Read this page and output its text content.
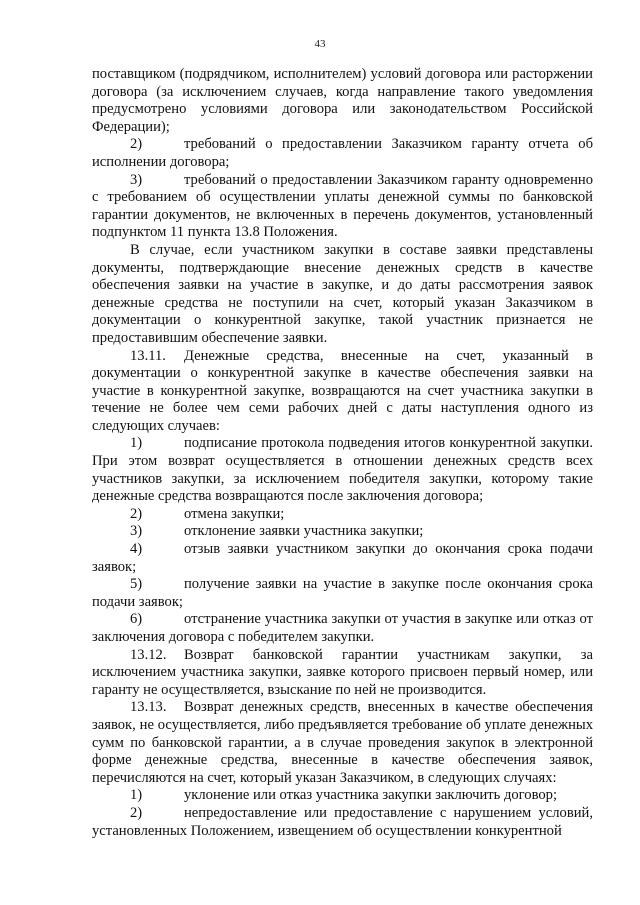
43

поставщиком (подрядчиком, исполнителем) условий договора или расторжении договора (за исключением случаев, когда направление такого уведомления предусмотрено условиями договора или законодательством Российской Федерации);

2)	требований о предоставлении Заказчиком гаранту отчета об исполнении договора;

3)	требований о предоставлении Заказчиком гаранту одновременно с требованием об осуществлении уплаты денежной суммы по банковской гарантии документов, не включенных в перечень документов, установленный подпунктом 11 пункта 13.8 Положения.

В случае, если участником закупки в составе заявки представлены документы, подтверждающие внесение денежных средств в качестве обеспечения заявки на участие в закупке, и до даты рассмотрения заявок денежные средства не поступили на счет, который указан Заказчиком в документации о конкурентной закупке, такой участник признается не предоставившим обеспечение заявки.

13.11. Денежные средства, внесенные на счет, указанный в документации о конкурентной закупке в качестве обеспечения заявки на участие в конкурентной закупке, возвращаются на счет участника закупки в течение не более чем семи рабочих дней с даты наступления одного из следующих случаев:

1)	подписание протокола подведения итогов конкурентной закупки. При этом возврат осуществляется в отношении денежных средств всех участников закупки, за исключением победителя закупки, которому такие денежные средства возвращаются после заключения договора;

2)	отмена закупки;

3)	отклонение заявки участника закупки;

4)	отзыв заявки участником закупки до окончания срока подачи заявок;

5)	получение заявки на участие в закупке после окончания срока подачи заявок;

6)	отстранение участника закупки от участия в закупке или отказ от заключения договора с победителем закупки.

13.12. Возврат банковской гарантии участникам закупки, за исключением участника закупки, заявке которого присвоен первый номер, или гаранту не осуществляется, взыскание по ней не производится.

13.13. Возврат денежных средств, внесенных в качестве обеспечения заявок, не осуществляется, либо предъявляется требование об уплате денежных сумм по банковской гарантии, а в случае проведения закупок в электронной форме денежные средства, внесенные в качестве обеспечения заявок, перечисляются на счет, который указан Заказчиком, в следующих случаях:

1)	уклонение или отказ участника закупки заключить договор;

2)	непредоставление или предоставление с нарушением условий, установленных Положением, извещением об осуществлении конкурентной
